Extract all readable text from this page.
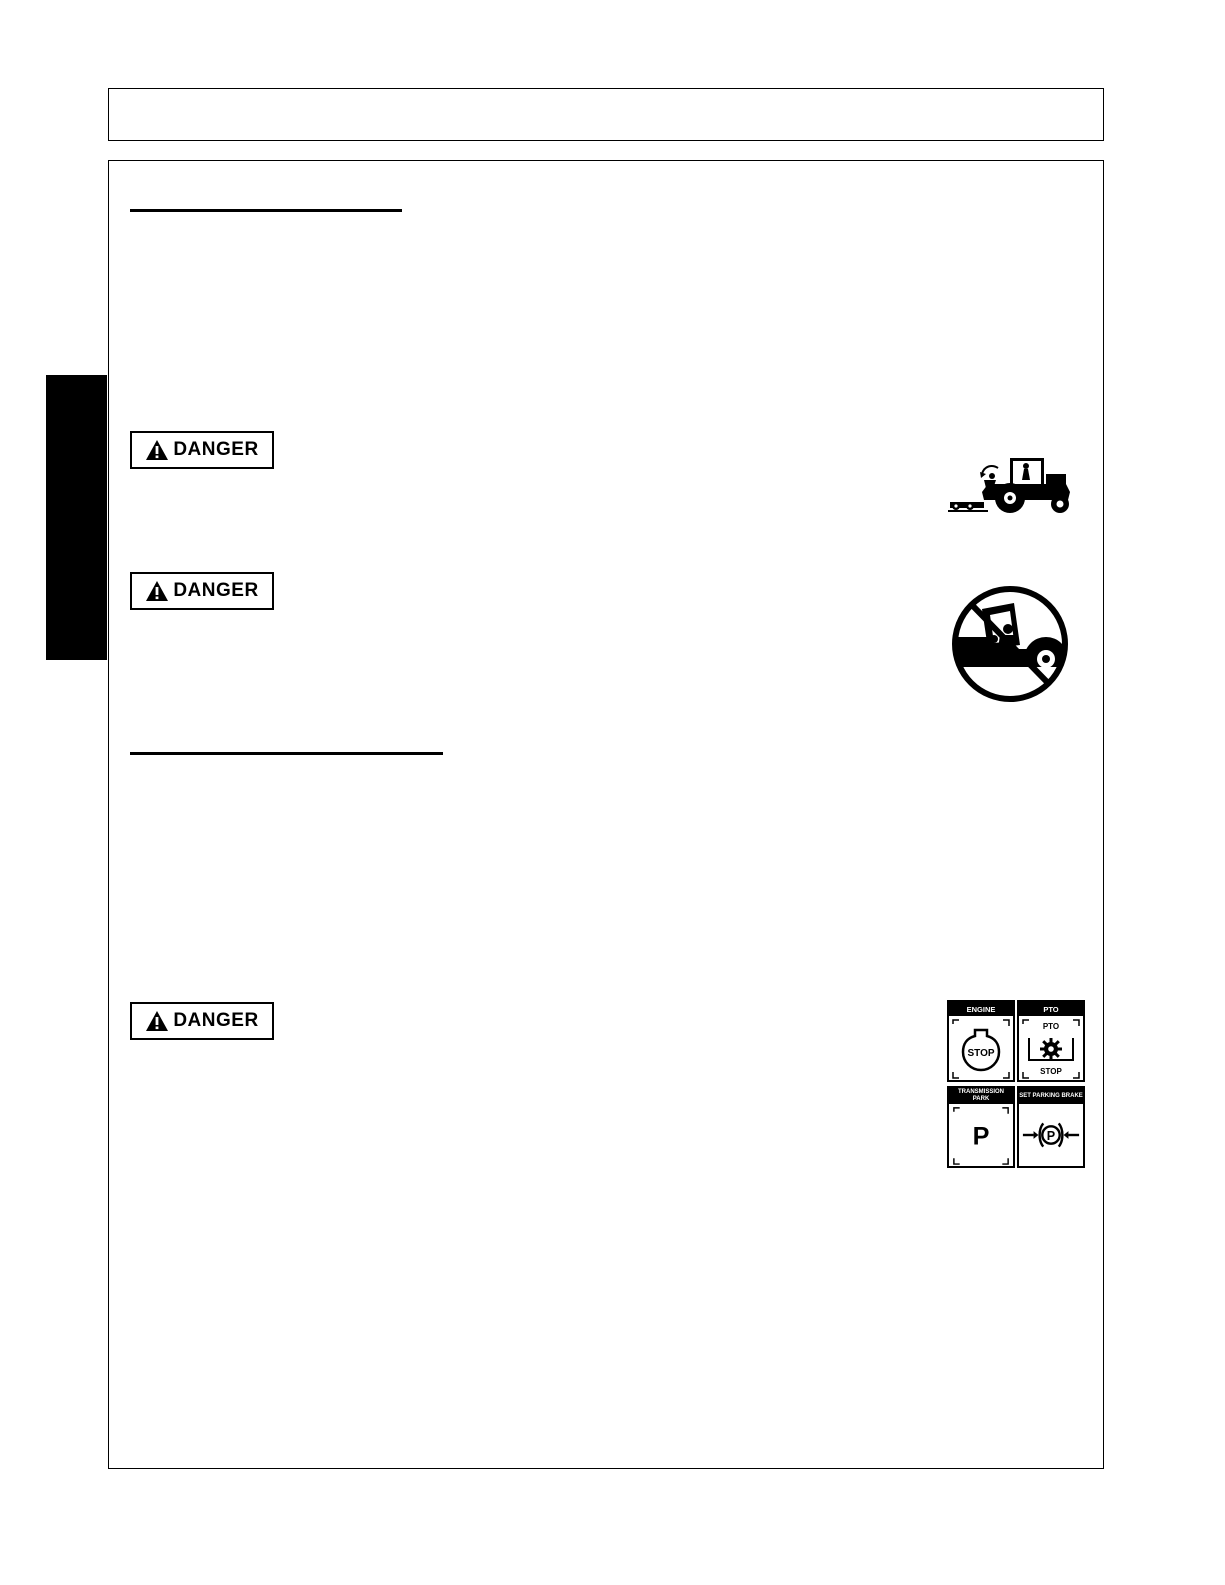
DANGER
DANGER
DANGER
ENGINE
STOP
PTO
PTO
STOP
TRANSMISSION PARK
P
SET PARKING BRAKE
P
